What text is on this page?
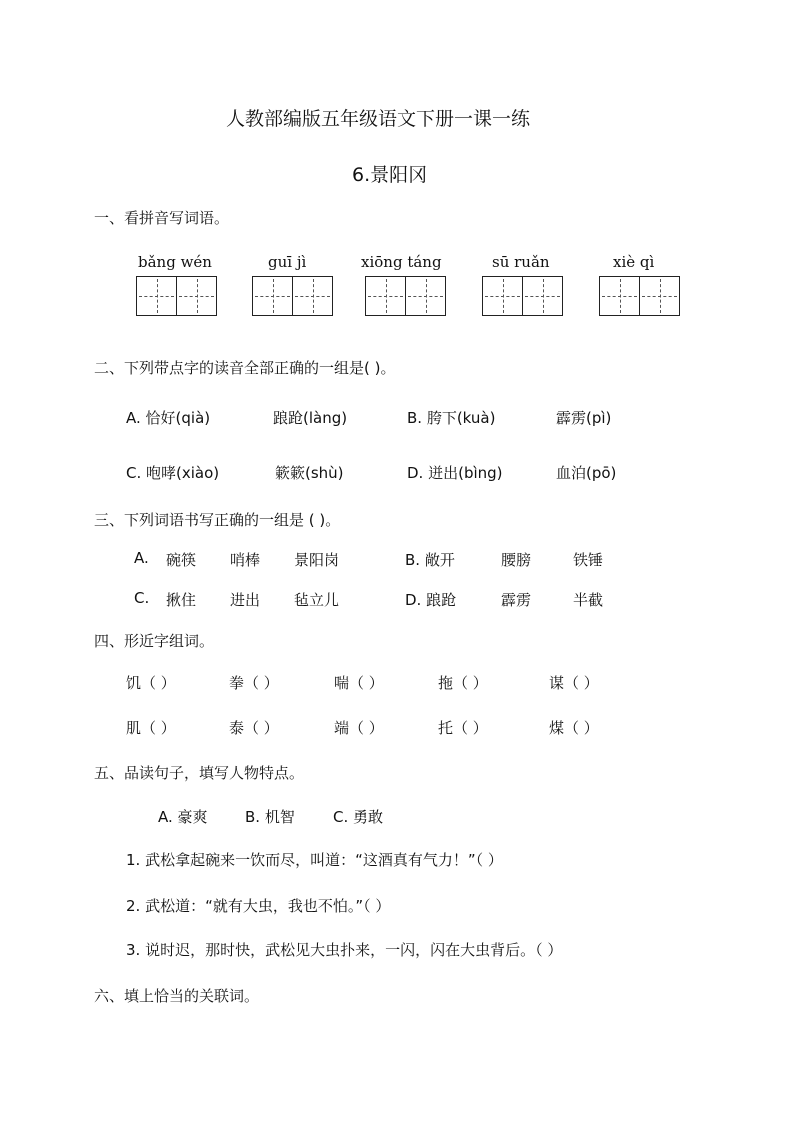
人教部编版五年级语文下册一课一练
6.景阳冈
一、看拼音写词语。
bǎng wén	guī jì	xiōng táng	sū ruǎn	xiè qì
二、下列带点字的读音全部正确的一组是( )。
A. 恰好(qià)	踉跄(làng)	B. 胯下(kuà)	霹雳(pì)
C. 咆哮(xiào)	簌簌(shù)	D. 迸出(bìng)	血泊(pō)
三、下列词语书写正确的一组是 ( )。
A. 碗筷 哨棒 景阳岗	B. 敞开	腰膀	铁锤
C. 揪住 进出 毡立儿	D. 踉跄	霹雳	半截
四、形近字组词。
饥（ ）	拳（ ）	喘（ ）	拖（ ）	谋（ ）
肌（ ）	泰（ ）	端（ ）	托（ ）	煤（ ）
五、品读句子，填写人物特点。
A. 豪爽 B. 机智	C. 勇敢
1. 武松拿起碗来一饮而尽，叫道：“这酒真有气力！”（ ）
2. 武松道：“就有大虫，我也不怕。”（ ）
3. 说时迟，那时快，武松见大虫扑来，一闪，闪在大虫背后。（ ）
六、填上恰当的关联词。
